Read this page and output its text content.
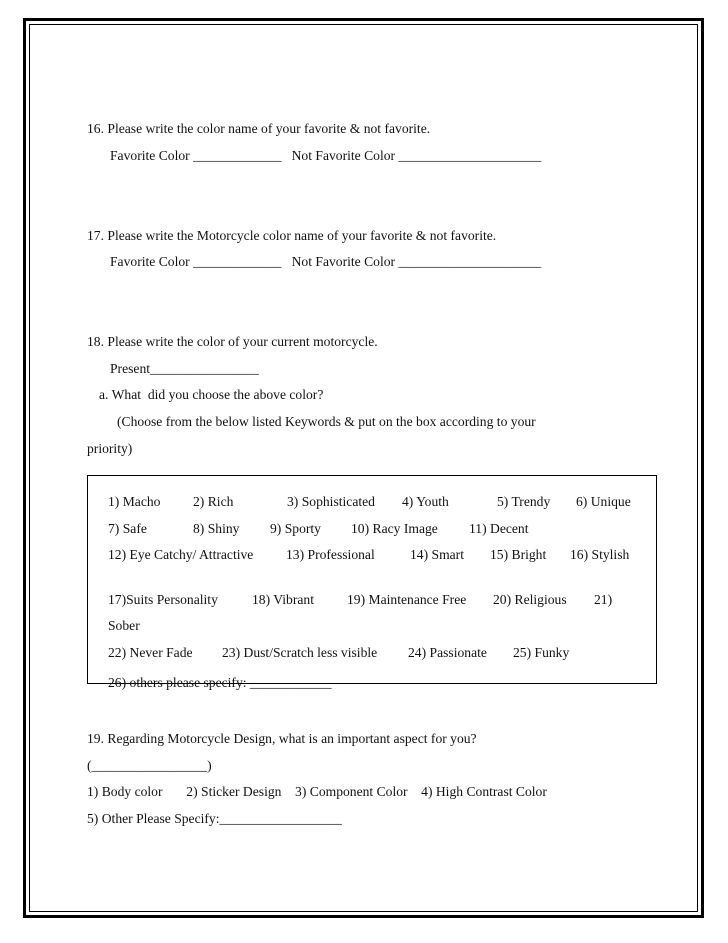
16. Please write the color name of your favorite & not favorite.
Favorite Color _____________   Not Favorite Color _____________________
17. Please write the Motorcycle color name of your favorite & not favorite.
Favorite Color _____________   Not Favorite Color _____________________
18. Please write the color of your current motorcycle.
Present________________
a. What  did you choose the above color?
(Choose from the below listed Keywords & put on the box according to your
priority)
1) Macho 2) Rich	3) Sophisticated 4) Youth	5) Trendy 6) Unique
7) Safe	8) Shiny 9) Sporty 10) Racy Image 11) Decent
12) Eye Catchy/ Attractive 13) Professional	14) Smart 15) Bright 16) Stylish
17)Suits Personality	18) Vibrant 19) Maintenance Free 20) Religious 21)
Sober
22) Never Fade 23) Dust/Scratch less visible 24) Passionate 25) Funky
26) others please specify: ____________
19. Regarding Motorcycle Design, what is an important aspect for you?
(_________________)
1) Body color       2) Sticker Design    3) Component Color    4) High Contrast Color
5) Other Please Specify:__________________
